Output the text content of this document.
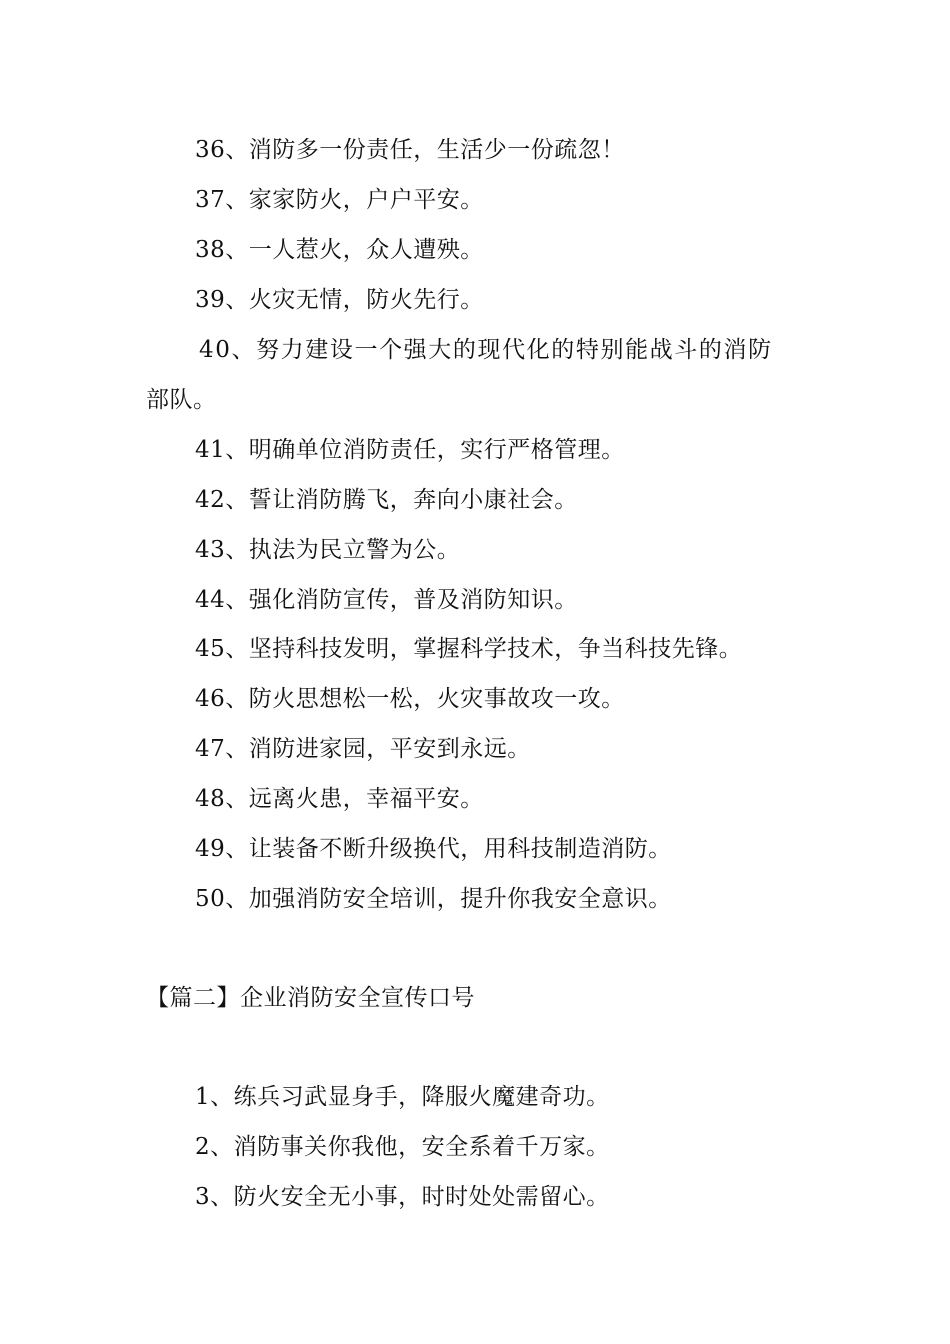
36、消防多一份责任，生活少一份疏忽！
37、家家防火，户户平安。
38、一人惹火，众人遭殃。
39、火灾无情，防火先行。
40、努力建设一个强大的现代化的特别能战斗的消防
部队。
41、明确单位消防责任，实行严格管理。
42、誓让消防腾飞，奔向小康社会。
43、执法为民立警为公。
44、强化消防宣传，普及消防知识。
45、坚持科技发明，掌握科学技术，争当科技先锋。
46、防火思想松一松，火灾事故攻一攻。
47、消防进家园，平安到永远。
48、远离火患，幸福平安。
49、让装备不断升级换代，用科技制造消防。
50、加强消防安全培训，提升你我安全意识。
【篇二】企业消防安全宣传口号
1、练兵习武显身手，降服火魔建奇功。
2、消防事关你我他，安全系着千万家。
3、防火安全无小事，时时处处需留心。
